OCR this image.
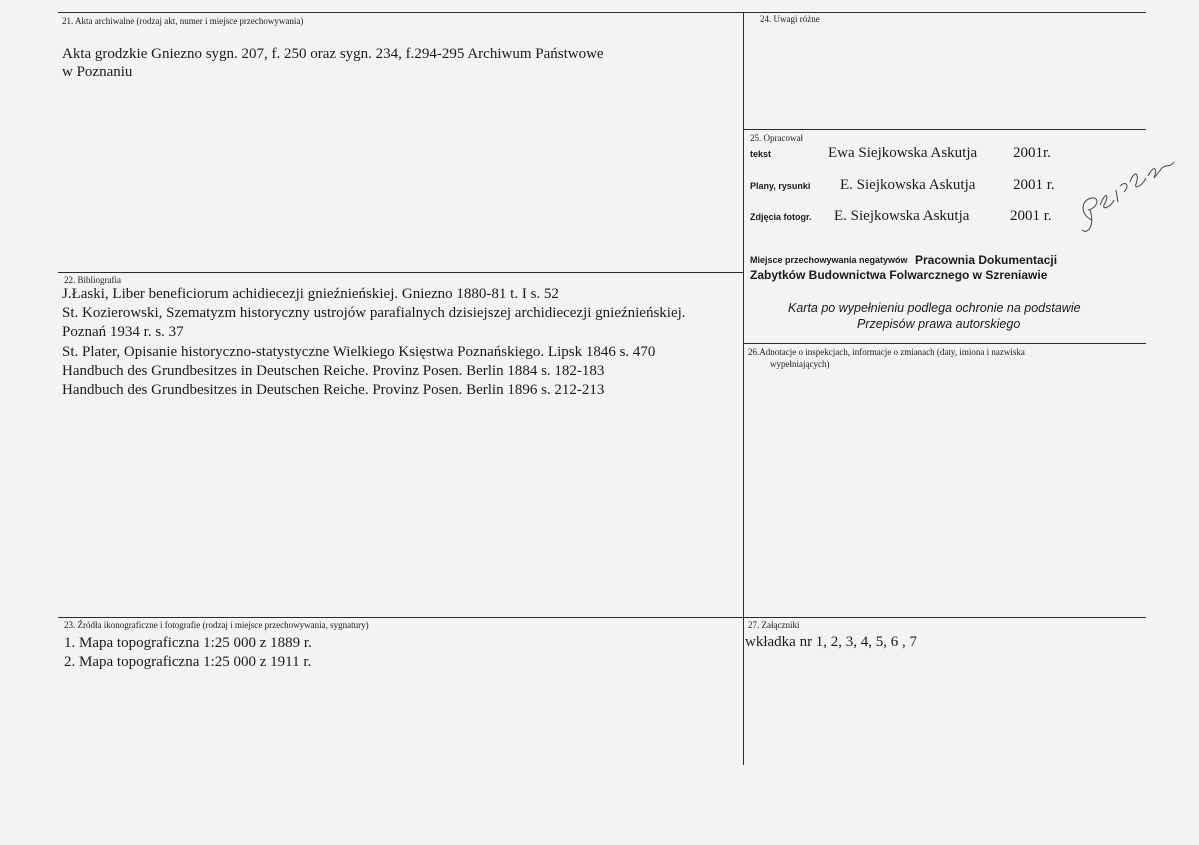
21. Akta archiwalne (rodzaj akt, numer i miejsce przechowywania)
Akta grodzkie Gniezno sygn. 207, f. 250 oraz sygn. 234, f.294-295 Archiwum Państwowe
w Poznaniu
22. Bibliografia
J.Łaski, Liber beneficiorum achidiecezji gnieźnieńskiej. Gniezno 1880-81 t. I s. 52
St. Kozierowski, Szematyzm historyczny ustrojów parafialnych dzisiejszej archidiecezji gnieźnieńskiej.
Poznań 1934 r. s. 37
St. Plater, Opisanie historyczno-statystyczne Wielkiego Księstwa Poznańskiego. Lipsk 1846 s. 470
Handbuch des Grundbesitzes in Deutschen Reiche. Provinz Posen. Berlin 1884 s. 182-183
Handbuch des Grundbesitzes in Deutschen Reiche. Provinz Posen. Berlin 1896 s. 212-213
23. Źródła ikonograficzne i fotografie (rodzaj i miejsce przechowywania, sygnatury)
1. Mapa topograficzna 1:25 000 z 1889 r.
2. Mapa topograficzna 1:25 000 z 1911 r.
24. Uwagi różne
25. Opracował
tekst	Ewa Siejkowska Askutja 2001r.
Plany, rysunki E. Siejkowska Askutja	2001 r.
Zdjęcia fotogr. E. Siejkowska Askutja	2001 r.
Miejsce przechowywania negatywów Pracownia Dokumentacji
Zabytków Budownictwa Folwarcznego w Szreniawie
Karta po wypełnieniu podlega ochronie na podstawie
Przepisów prawa autorskiego
26.Adnotacje o inspekcjach, informacje o zmianach (daty, imiona i nazwiska
wypełniających)
27. Załączniki
wkładka nr 1, 2, 3, 4, 5, 6 , 7
